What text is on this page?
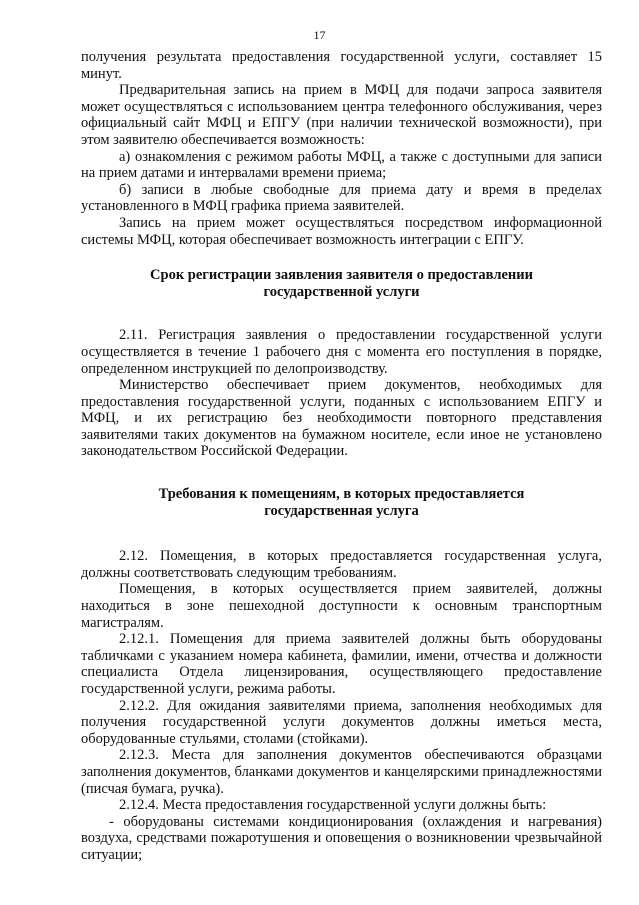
17

получения результата предоставления государственной услуги, составляет 15 минут.

Предварительная запись на прием в МФЦ для подачи запроса заявителя может осуществляться с использованием центра телефонного обслуживания, через официальный сайт МФЦ и ЕПГУ (при наличии технической возможности), при этом заявителю обеспечивается возможность:

а) ознакомления с режимом работы МФЦ, а также с доступными для записи на прием датами и интервалами времени приема;

б) записи в любые свободные для приема дату и время в пределах установленного в МФЦ графика приема заявителей.

Запись на прием может осуществляться посредством информационной системы МФЦ, которая обеспечивает возможность интеграции с ЕПГУ.

Срок регистрации заявления заявителя о предоставлении государственной услуги

2.11. Регистрация заявления о предоставлении государственной услуги осуществляется в течение 1 рабочего дня с момента его поступления в порядке, определенном инструкцией по делопроизводству.

Министерство обеспечивает прием документов, необходимых для предоставления государственной услуги, поданных с использованием ЕПГУ и МФЦ, и их регистрацию без необходимости повторного представления заявителями таких документов на бумажном носителе, если иное не установлено законодательством Российской Федерации.

Требования к помещениям, в которых предоставляется государственная услуга

2.12. Помещения, в которых предоставляется государственная услуга, должны соответствовать следующим требованиям.

Помещения, в которых осуществляется прием заявителей, должны находиться в зоне пешеходной доступности к основным транспортным магистралям.

2.12.1. Помещения для приема заявителей должны быть оборудованы табличками с указанием номера кабинета, фамилии, имени, отчества и должности специалиста Отдела лицензирования, осуществляющего предоставление государственной услуги, режима работы.

2.12.2. Для ожидания заявителями приема, заполнения необходимых для получения государственной услуги документов должны иметься места, оборудованные стульями, столами (стойками).

2.12.3. Места для заполнения документов обеспечиваются образцами заполнения документов, бланками документов и канцелярскими принадлежностями (писчая бумага, ручка).

2.12.4. Места предоставления государственной услуги должны быть:

- оборудованы системами кондиционирования (охлаждения и нагревания) воздуха, средствами пожаротушения и оповещения о возникновении чрезвычайной ситуации;
